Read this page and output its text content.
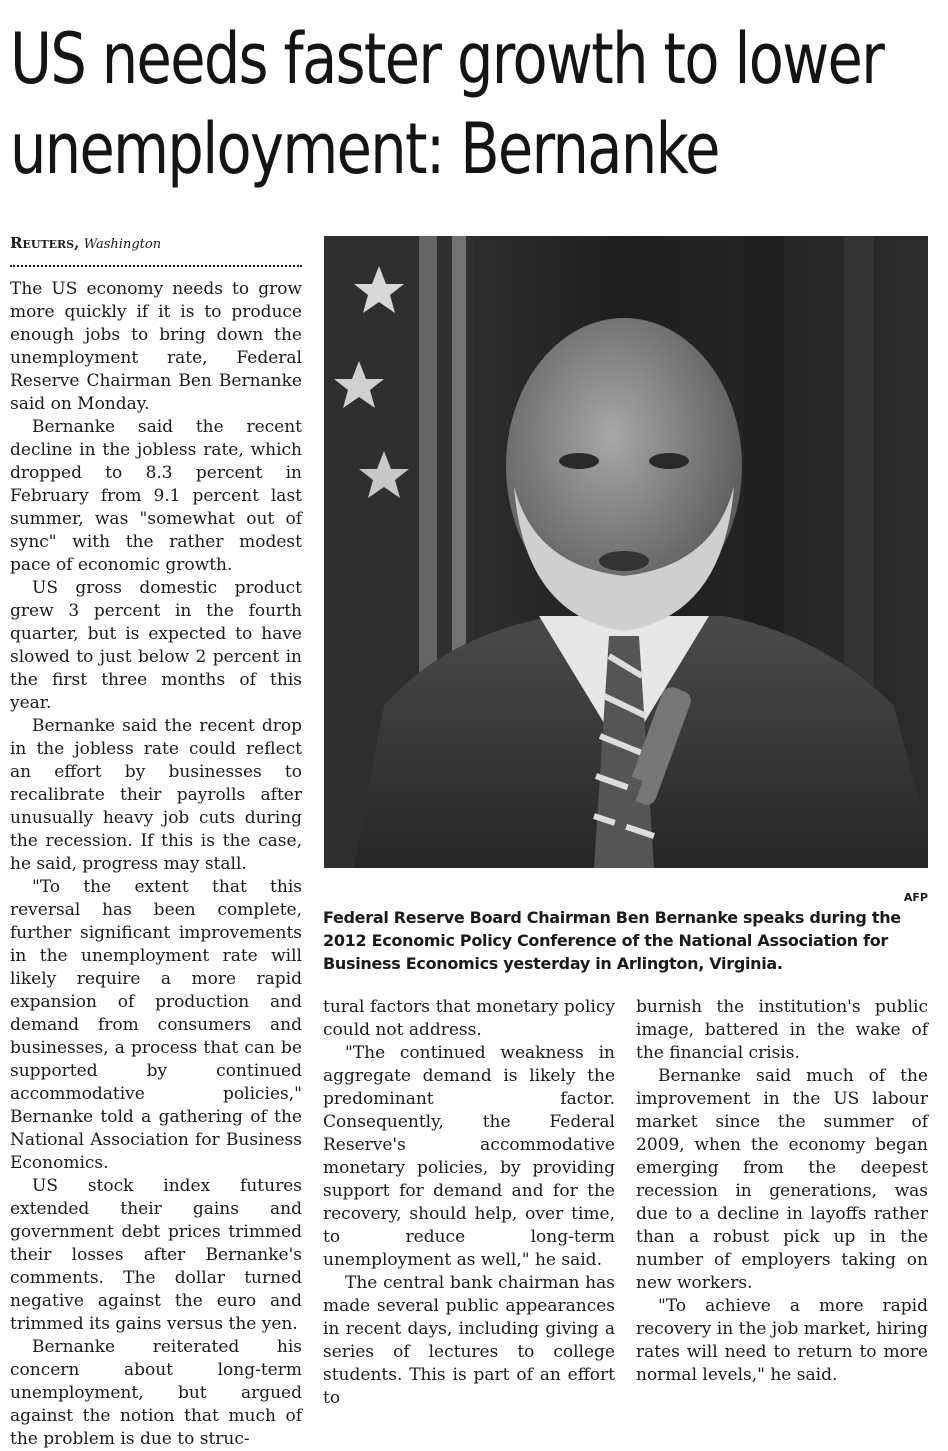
US needs faster growth to lower
unemployment: Bernanke
Reuters, Washington

The US economy needs to grow more quickly if it is to produce enough jobs to bring down the unemployment rate, Federal Reserve Chairman Ben Bernanke said on Monday.

Bernanke said the recent decline in the jobless rate, which dropped to 8.3 percent in February from 9.1 percent last summer, was "somewhat out of sync" with the rather modest pace of economic growth.

US gross domestic product grew 3 percent in the fourth quarter, but is expected to have slowed to just below 2 percent in the first three months of this year.

Bernanke said the recent drop in the jobless rate could reflect an effort by businesses to recalibrate their payrolls after unusually heavy job cuts during the recession. If this is the case, he said, progress may stall.

"To the extent that this reversal has been complete, further significant improvements in the unemployment rate will likely require a more rapid expansion of production and demand from consumers and businesses, a process that can be supported by continued accommodative policies," Bernanke told a gathering of the National Association for Business Economics.

US stock index futures extended their gains and government debt prices trimmed their losses after Bernanke's comments. The dollar turned negative against the euro and trimmed its gains versus the yen.

Bernanke reiterated his concern about long-term unemployment, but argued against the notion that much of the problem is due to struc-

AFP
Federal Reserve Board Chairman Ben Bernanke speaks during the 2012 Economic Policy Conference of the National Association for Business Economics yesterday in Arlington, Virginia.

tural factors that monetary policy could not address.

"The continued weakness in aggregate demand is likely the predominant factor. Consequently, the Federal Reserve's accommodative monetary policies, by providing support for demand and for the recovery, should help, over time, to reduce long-term unemployment as well," he said.

The central bank chairman has made several public appearances in recent days, including giving a series of lectures to college students. This is part of an effort to

burnish the institution's public image, battered in the wake of the financial crisis.

Bernanke said much of the improvement in the US labour market since the summer of 2009, when the economy began emerging from the deepest recession in generations, was due to a decline in layoffs rather than a robust pick up in the number of employers taking on new workers.

"To achieve a more rapid recovery in the job market, hiring rates will need to return to more normal levels," he said.
